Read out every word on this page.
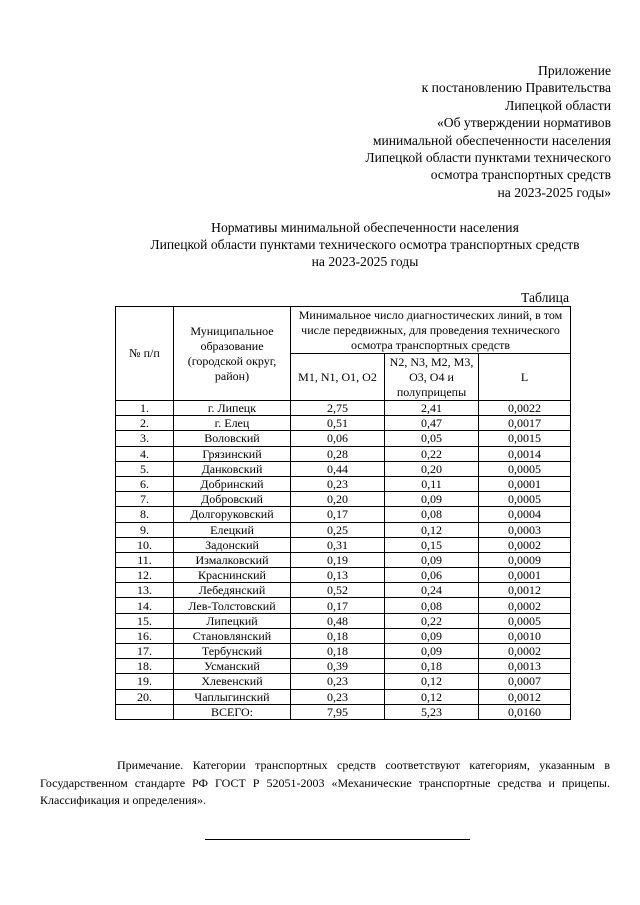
Приложение
к постановлению Правительства
Липецкой области
«Об утверждении нормативов
минимальной обеспеченности населения
Липецкой области пунктами технического
осмотра транспортных средств
на 2023-2025 годы»
Нормативы минимальной обеспеченности населения
Липецкой области пунктами технического осмотра транспортных средств
на 2023-2025 годы
Таблица
№ п/п	Муниципальное образование (городской округ, район)	Минимальное число диагностических линий, в том числе передвижных, для проведения технического осмотра транспортных средств		
		M1, N1, O1, O2	N2, N3, M2, M3, O3, O4 и полуприцепы	L
1.	г. Липецк	2,75	2,41	0,0022
2.	г. Елец	0,51	0,47	0,0017
3.	Воловский	0,06	0,05	0,0015
4.	Грязинский	0,28	0,22	0,0014
5.	Данковский	0,44	0,20	0,0005
6.	Добринский	0,23	0,11	0,0001
7.	Добровский	0,20	0,09	0,0005
8.	Долгоруковский	0,17	0,08	0,0004
9.	Елецкий	0,25	0,12	0,0003
10.	Задонский	0,31	0,15	0,0002
11.	Измалковский	0,19	0,09	0,0009
12.	Краснинский	0,13	0,06	0,0001
13.	Лебедянский	0,52	0,24	0,0012
14.	Лев-Толстовский	0,17	0,08	0,0002
15.	Липецкий	0,48	0,22	0,0005
16.	Становлянский	0,18	0,09	0,0010
17.	Тербунский	0,18	0,09	0,0002
18.	Усманский	0,39	0,18	0,0013
19.	Хлевенский	0,23	0,12	0,0007
20.	Чаплыгинский	0,23	0,12	0,0012
	ВСЕГО:	7,95	5,23	0,0160
Примечание. Категории транспортных средств соответствуют категориям, указанным в Государственном стандарте РФ ГОСТ Р 52051-2003 «Механические транспортные средства и прицепы. Классификация и определения».
